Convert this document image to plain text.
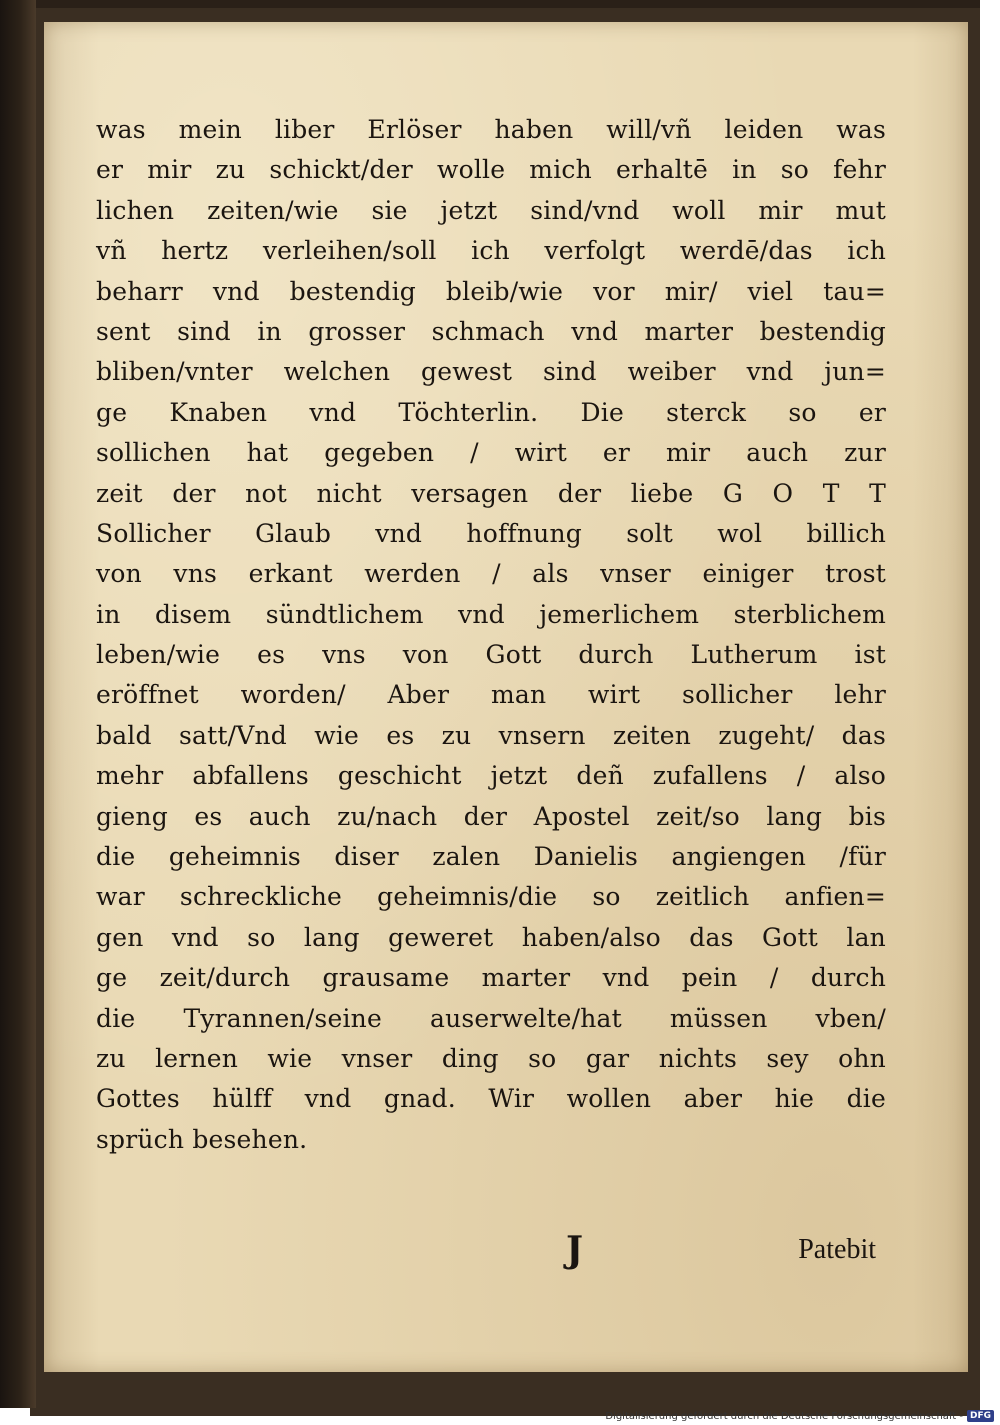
was mein liber Erlöser haben will/vñ leiden was
er mir zu schickt/der wolle mich erhaltē in so fehr
lichen zeiten/wie sie jetzt sind/vnd woll mir mut
vñ hertz verleihen/soll ich verfolgt werdē/das ich
beharr vnd bestendig bleib/wie vor mir/ viel tau=
sent sind in grosser schmach vnd marter bestendig
bliben/vnter welchen gewest sind weiber vnd jun=
ge Knaben vnd Töchterlin. Die sterck so er
sollichen hat gegeben / wirt er mir auch zur
zeit der not nicht versagen der liebe G O T T
Sollicher Glaub vnd hoffnung solt wol billich
von vns erkant werden / als vnser einiger trost
in disem sündtlichem vnd jemerlichem sterblichem
leben/wie es vns von Gott durch Lutherum ist
eröffnet worden/ Aber man wirt sollicher lehr
bald satt/Vnd wie es zu vnsern zeiten zugeht/ das
mehr abfallens geschicht jetzt deñ zufallens / also
gieng es auch zu/nach der Apostel zeit/so lang bis
die geheimnis diser zalen Danielis angiengen /für
war schreckliche geheimnis/die so zeitlich anfien=
gen vnd so lang geweret haben/also das Gott lan
ge zeit/durch grausame marter vnd pein / durch
die Tyrannen/seine auserwelte/hat müssen vben/
zu lernen wie vnser ding so gar nichts sey ohn
Gottes hülff vnd gnad. Wir wollen aber hie die
sprüch besehen.
J	Patebit
Digitalisierung gefördert durch die Deutsche Forschungsgemeinschaft - DFG
